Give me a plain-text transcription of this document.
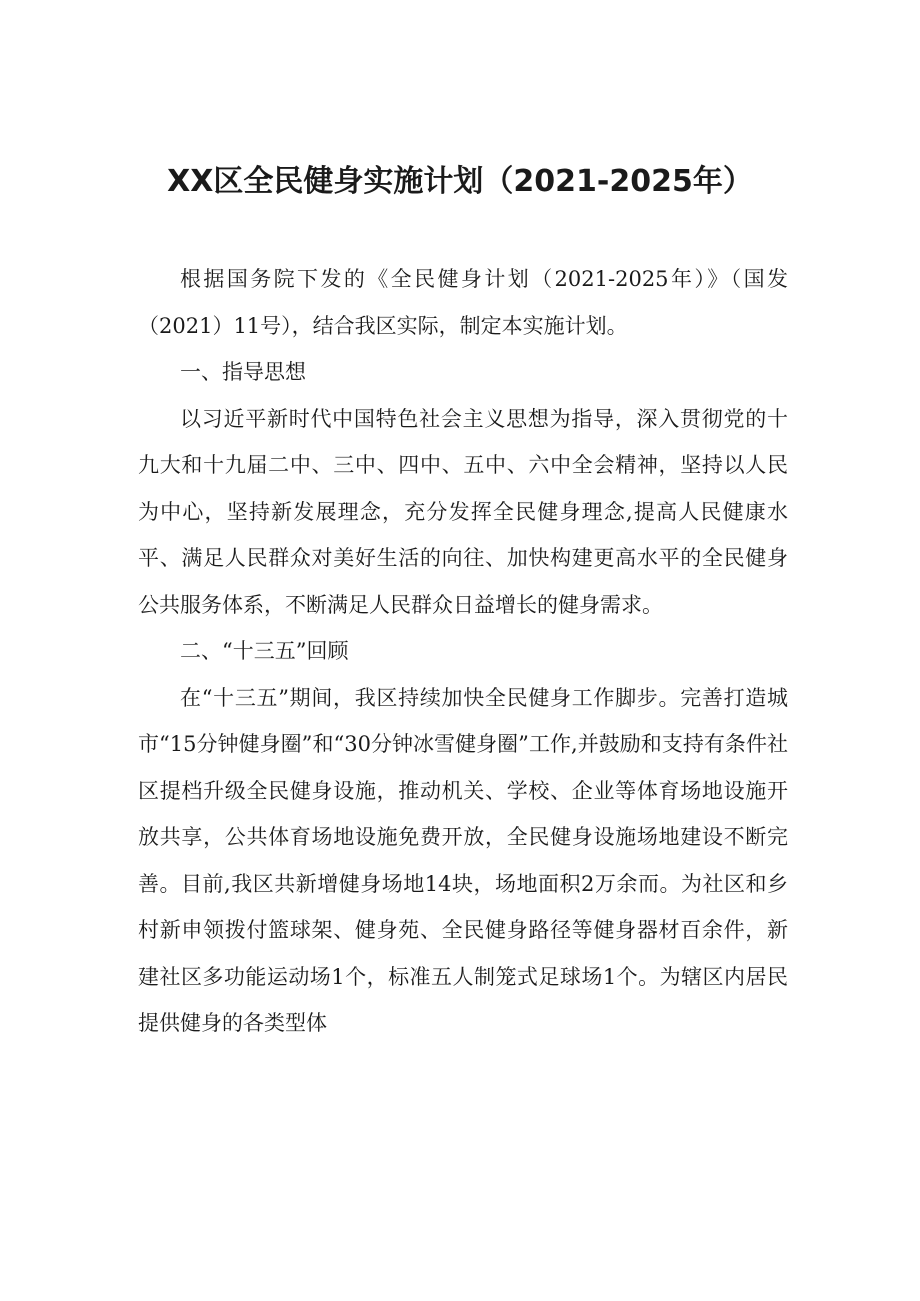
XX区全民健身实施计划（2021-2025年）

根据国务院下发的《全民健身计划（2021-2025年）》（国发（2021）11号），结合我区实际，制定本实施计划。

一、指导思想

以习近平新时代中国特色社会主义思想为指导，深入贯彻党的十九大和十九届二中、三中、四中、五中、六中全会精神，坚持以人民为中心，坚持新发展理念，充分发挥全民健身理念,提高人民健康水平、满足人民群众对美好生活的向往、加快构建更高水平的全民健身公共服务体系，不断满足人民群众日益增长的健身需求。

二、“十三五”回顾

在“十三五”期间，我区持续加快全民健身工作脚步。完善打造城市“15分钟健身圈”和“30分钟冰雪健身圈”工作,并鼓励和支持有条件社区提档升级全民健身设施，推动机关、学校、企业等体育场地设施开放共享，公共体育场地设施免费开放，全民健身设施场地建设不断完善。目前,我区共新增健身场地14块，场地面积2万余而。为社区和乡村新申领拨付篮球架、健身苑、全民健身路径等健身器材百余件，新建社区多功能运动场1个，标准五人制笼式足球场1个。为辖区内居民提供健身的各类型体
